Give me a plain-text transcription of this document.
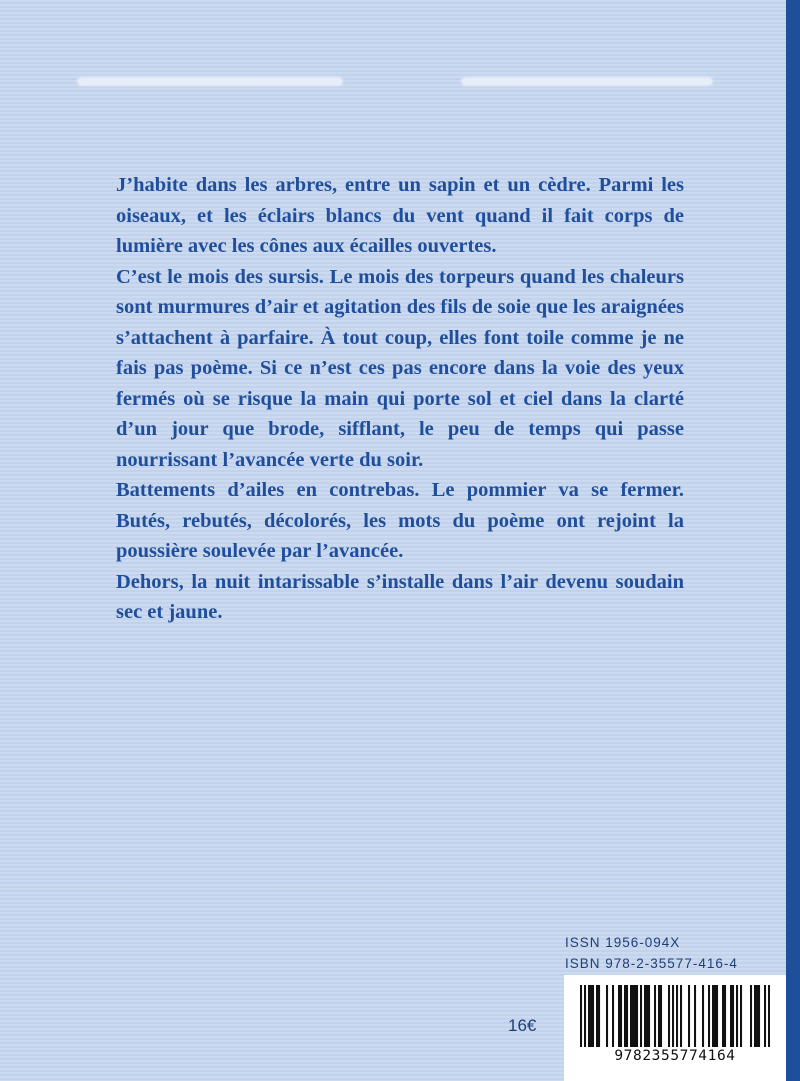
J’habite dans les arbres, entre un sapin et un cèdre. Parmi les oiseaux, et les éclairs blancs du vent quand il fait corps de lumière avec les cônes aux écailles ouvertes.

C’est le mois des sursis. Le mois des torpeurs quand les chaleurs sont murmures d’air et agitation des fils de soie que les araignées s’attachent à parfaire. À tout coup, elles font toile comme je ne fais pas poème. Si ce n’est ces pas encore dans la voie des yeux fermés où se risque la main qui porte sol et ciel dans la clarté d’un jour que brode, sifflant, le peu de temps qui passe nourrissant l’avancée verte du soir.

Battements d’ailes en contrebas. Le pommier va se fermer. Butés, rebutés, décolorés, les mots du poème ont rejoint la poussière soulevée par l’avancée.

Dehors, la nuit intarissable s’installe dans l’air devenu soudain sec et jaune.

ISSN 1956-094X
ISBN 978-2-35577-416-4
16€
9782355774164
